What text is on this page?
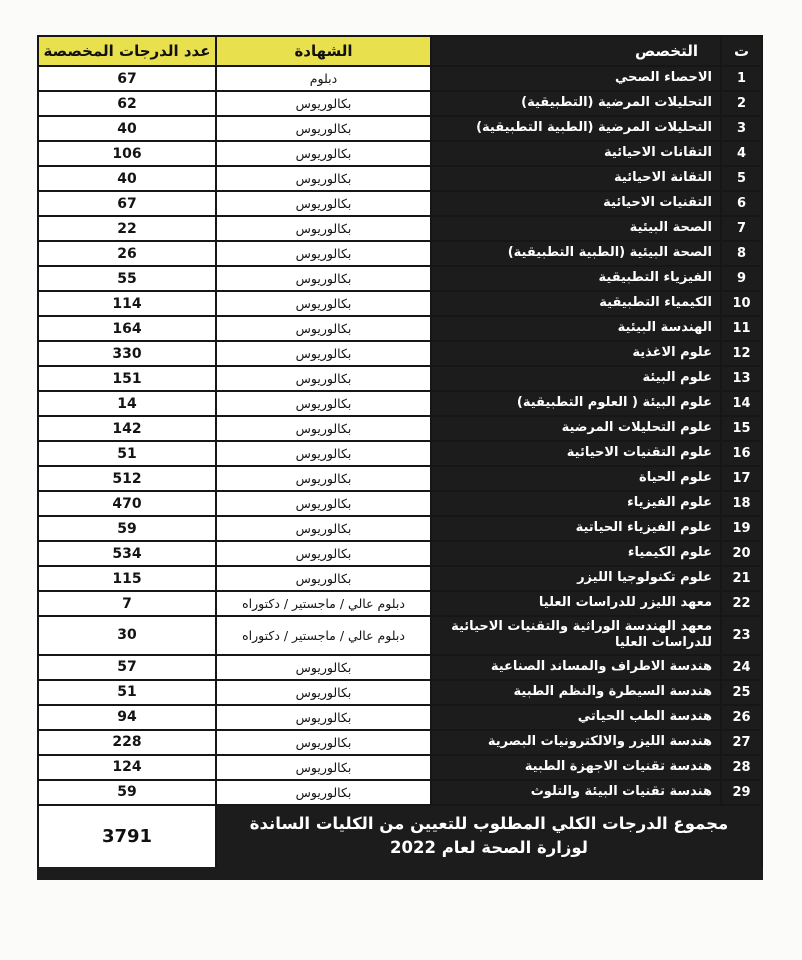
ت	التخصص	الشهادة	عدد الدرجات المخصصة
1	الاحصاء الصحي	دبلوم	67
2	التحليلات المرضية (التطبيقية)	بكالوريوس	62
3	التحليلات المرضية (الطبية التطبيقية)	بكالوريوس	40
4	التقانات الاحيائية	بكالوريوس	106
5	التقانة الاحيائية	بكالوريوس	40
6	التقنيات الاحيائية	بكالوريوس	67
7	الصحة البيئية	بكالوريوس	22
8	الصحة البيئية (الطبية التطبيقية)	بكالوريوس	26
9	الفيزياء التطبيقية	بكالوريوس	55
10	الكيمياء التطبيقية	بكالوريوس	114
11	الهندسة البيئية	بكالوريوس	164
12	علوم الاغذية	بكالوريوس	330
13	علوم البيئة	بكالوريوس	151
14	علوم البيئة ( العلوم التطبيقية)	بكالوريوس	14
15	علوم التحليلات المرضية	بكالوريوس	142
16	علوم التقنيات الاحيائية	بكالوريوس	51
17	علوم الحياة	بكالوريوس	512
18	علوم الفيزياء	بكالوريوس	470
19	علوم الفيزياء الحياتية	بكالوريوس	59
20	علوم الكيمياء	بكالوريوس	534
21	علوم تكنولوجيا الليزر	بكالوريوس	115
22	معهد الليزر للدراسات العليا	دبلوم عالي / ماجستير / دكتوراه	7
23	معهد الهندسة الوراثية والتقنيات الاحيائية للدراسات العليا	دبلوم عالي / ماجستير / دكتوراه	30
24	هندسة الاطراف والمساند الصناعية	بكالوريوس	57
25	هندسة السيطرة والنظم الطبية	بكالوريوس	51
26	هندسة الطب الحياتي	بكالوريوس	94
27	هندسة الليزر والالكترونيات البصرية	بكالوريوس	228
28	هندسة تقنيات الاجهزة الطبية	بكالوريوس	124
29	هندسة تقنيات البيئة والتلوث	بكالوريوس	59
مجموع الدرجات الكلي المطلوب للتعيين من الكليات الساندة لوزارة الصحة لعام 2022			3791
